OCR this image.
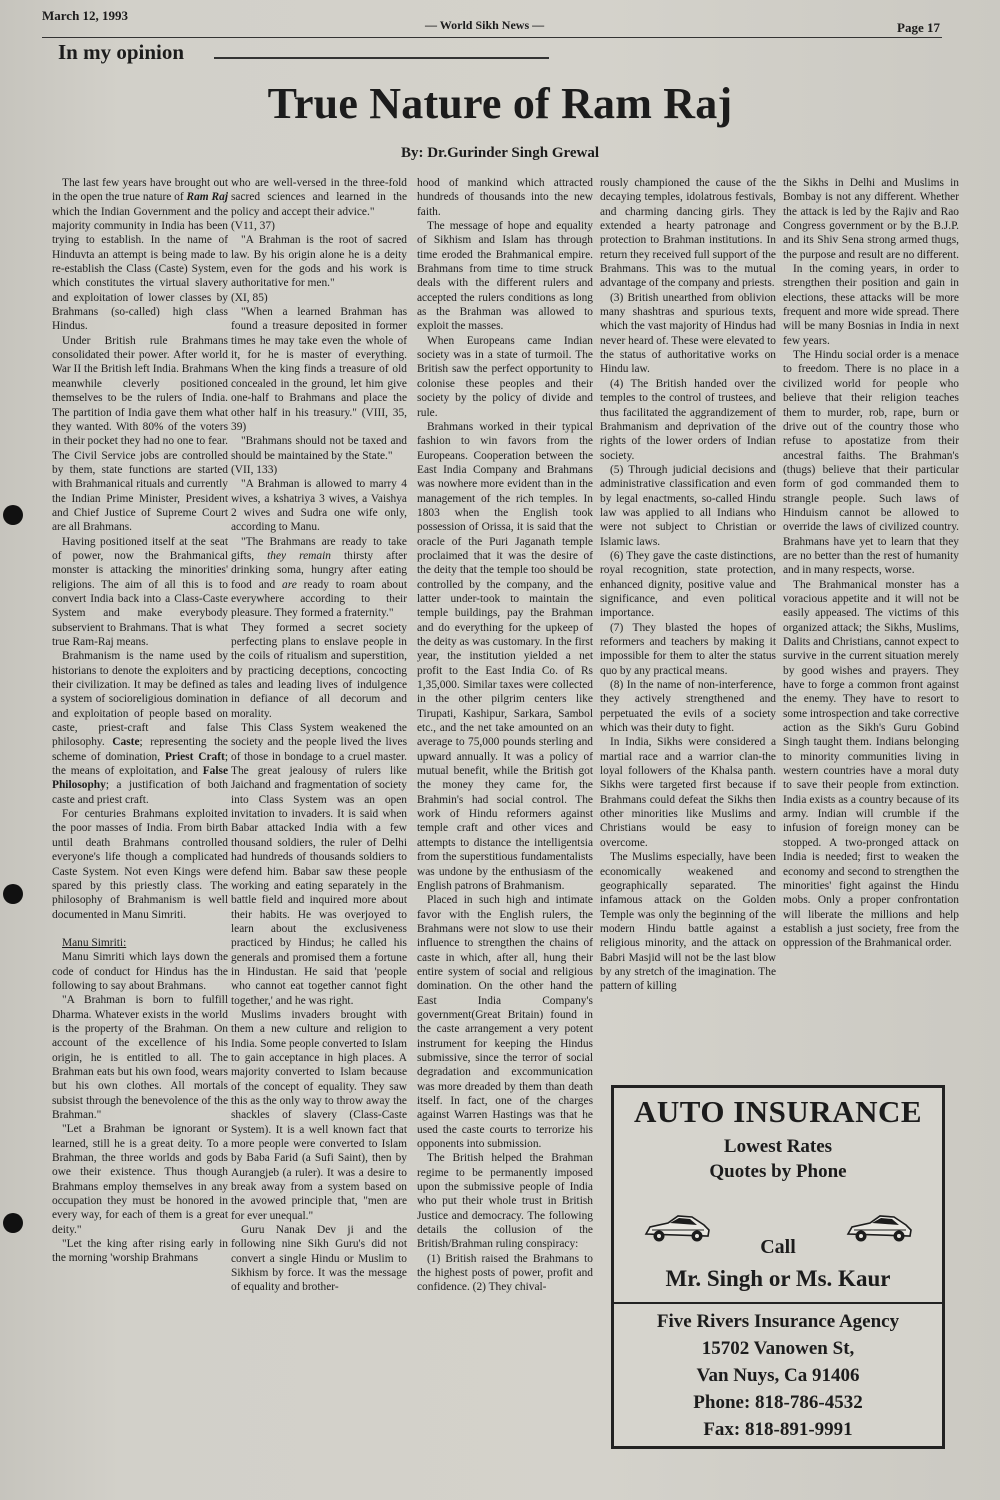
March 12, 1993
— World Sikh News —	Page 17
In my opinion
True Nature of Ram Raj
By: Dr.Gurinder Singh Grewal

The last few years have brought out in the open the true nature of Ram Raj which the Indian Government and the majority community in India has been trying to establish. In the name of Hinduvta an attempt is being made to re-establish the Class (Caste) System, which constitutes the virtual slavery and exploitation of lower classes by Brahmans (so-called) high class Hindus.

Under British rule Brahmans consolidated their power. After world War II the British left India. Brahmans meanwhile cleverly positioned themselves to be the rulers of India. The partition of India gave them what they wanted. With 80% of the voters in their pocket they had no one to fear. The Civil Service jobs are controlled by them, state functions are started with Brahmanical rituals and currently the Indian Prime Minister, President and Chief Justice of Supreme Court are all Brahmans.

Having positioned itself at the seat of power, now the Brahmanical monster is attacking the minorities' religions. The aim of all this is to convert India back into a Class-Caste System and make everybody subservient to Brahmans. That is what true Ram-Raj means.

Brahmanism is the name used by historians to denote the exploiters and their civilization. It may be defined as a system of socioreligious domination and exploitation of people based on caste, priest-craft and false philosophy. Caste; representing the scheme of domination, Priest Craft; the means of exploitation, and False Philosophy; a justification of both caste and priest craft.

For centuries Brahmans exploited the poor masses of India. From birth until death Brahmans controlled everyone's life though a complicated Caste System. Not even Kings were spared by this priestly class. The philosophy of Brahmanism is well documented in Manu Simriti.

Manu Simriti:

Manu Simriti which lays down the code of conduct for Hindus has the following to say about Brahmans.

"A Brahman is born to fulfill Dharma. Whatever exists in the world is the property of the Brahman. On account of the excellence of his origin, he is entitled to all. The Brahman eats but his own food, wears but his own clothes. All mortals subsist through the benevolence of the Brahman."

"Let a Brahman be ignorant or learned, still he is a great deity. To a Brahman, the three worlds and gods owe their existence. Thus though Brahmans employ themselves in any occupation they must be honored in every way, for each of them is a great deity."

"Let the king after rising early in the morning 'worship Brahmans

who are well-versed in the three-fold sacred sciences and learned in the policy and accept their advice."

(V11, 37)

"A Brahman is the root of sacred law. By his origin alone he is a deity even for the gods and his work is authoritative for men."

(XI, 85)

"When a learned Brahman has found a treasure deposited in former times he may take even the whole of it, for he is master of everything. When the king finds a treasure of old concealed in the ground, let him give one-half to Brahmans and place the other half in his treasury." (VIII, 35, 39)

"Brahmans should not be taxed and should be maintained by the State."

(VII, 133)

"A Brahman is allowed to marry 4 wives, a kshatriya 3 wives, a Vaishya 2 wives and Sudra one wife only, according to Manu.

"The Brahmans are ready to take gifts, they remain thirsty after drinking soma, hungry after eating food and are ready to roam about everywhere according to their pleasure. They formed a fraternity."

They formed a secret society perfecting plans to enslave people in the coils of ritualism and superstition, by practicing deceptions, concocting tales and leading lives of indulgence in defiance of all decorum and morality.

This Class System weakened the society and the people lived the lives of those in bondage to a cruel master. The great jealousy of rulers like Jaichand and fragmentation of society into Class System was an open invitation to invaders. It is said when Babar attacked India with a few thousand soldiers, the ruler of Delhi had hundreds of thousands soldiers to defend him. Babar saw these people working and eating separately in the battle field and inquired more about their habits. He was overjoyed to learn about the exclusiveness practiced by Hindus; he called his generals and promised them a fortune in Hindustan. He said that 'people who cannot eat together cannot fight together,' and he was right.

Muslims invaders brought with them a new culture and religion to India. Some people converted to Islam to gain acceptance in high places. A majority converted to Islam because of the concept of equality. They saw this as the only way to throw away the shackles of slavery (Class-Caste System). It is a well known fact that more people were converted to Islam by Baba Farid (a Sufi Saint), then by Aurangjeb (a ruler). It was a desire to break away from a system based on the avowed principle that, "men are for ever unequal."

Guru Nanak Dev ji and the following nine Sikh Guru's did not convert a single Hindu or Muslim to Sikhism by force. It was the message of equality and brother-

hood of mankind which attracted hundreds of thousands into the new faith.

The message of hope and equality of Sikhism and Islam has through time eroded the Brahmanical empire. Brahmans from time to time struck deals with the different rulers and accepted the rulers conditions as long as the Brahman was allowed to exploit the masses.

When Europeans came Indian society was in a state of turmoil. The British saw the perfect opportunity to colonise these peoples and their society by the policy of divide and rule.

Brahmans worked in their typical fashion to win favors from the Europeans. Cooperation between the East India Company and Brahmans was nowhere more evident than in the management of the rich temples. In 1803 when the English took possession of Orissa, it is said that the oracle of the Puri Jaganath temple proclaimed that it was the desire of the deity that the temple too should be controlled by the company, and the latter under-took to maintain the temple buildings, pay the Brahman and do everything for the upkeep of the deity as was customary. In the first year, the institution yielded a net profit to the East India Co. of Rs 1,35,000. Similar taxes were collected in the other pilgrim centers like Tirupati, Kashipur, Sarkara, Sambol etc., and the net take amounted on an average to 75,000 pounds sterling and upward annually. It was a policy of mutual benefit, while the British got the money they came for, the Brahmin's had social control. The work of Hindu reformers against temple craft and other vices and attempts to distance the intelligentsia from the superstitious fundamentalists was undone by the enthusiasm of the English patrons of Brahmanism.

Placed in such high and intimate favor with the English rulers, the Brahmans were not slow to use their influence to strengthen the chains of caste in which, after all, hung their entire system of social and religious domination. On the other hand the East India Company's government(Great Britain) found in the caste arrangement a very potent instrument for keeping the Hindus submissive, since the terror of social degradation and excommunication was more dreaded by them than death itself. In fact, one of the charges against Warren Hastings was that he used the caste courts to terrorize his opponents into submission.

The British helped the Brahman regime to be permanently imposed upon the submissive people of India who put their whole trust in British Justice and democracy. The following details the collusion of the British/Brahman ruling conspiracy:

(1) British raised the Brahmans to the highest posts of power, profit and confidence. (2) They chival-

rously championed the cause of the decaying temples, idolatrous festivals, and charming dancing girls. They extended a hearty patronage and protection to Brahman institutions. In return they received full support of the Brahmans. This was to the mutual advantage of the company and priests.

(3) British unearthed from oblivion many shashtras and spurious texts, which the vast majority of Hindus had never heard of. These were elevated to the status of authoritative works on Hindu law.

(4) The British handed over the temples to the control of trustees, and thus facilitated the aggrandizement of Brahmanism and deprivation of the rights of the lower orders of Indian society.

(5) Through judicial decisions and administrative classification and even by legal enactments, so-called Hindu law was applied to all Indians who were not subject to Christian or Islamic laws.

(6) They gave the caste distinctions, royal recognition, state protection, enhanced dignity, positive value and significance, and even political importance.

(7) They blasted the hopes of reformers and teachers by making it impossible for them to alter the status quo by any practical means.

(8) In the name of non-interference, they actively strengthened and perpetuated the evils of a society which was their duty to fight.

In India, Sikhs were considered a martial race and a warrior clan-the loyal followers of the Khalsa panth. Sikhs were targeted first because if Brahmans could defeat the Sikhs then other minorities like Muslims and Christians would be easy to overcome.

The Muslims especially, have been economically weakened and geographically separated. The infamous attack on the Golden Temple was only the beginning of the modern Hindu battle against a religious minority, and the attack on Babri Masjid will not be the last blow by any stretch of the imagination. The pattern of killing

the Sikhs in Delhi and Muslims in Bombay is not any different. Whether the attack is led by the Rajiv and Rao Congress government or by the B.J.P. and its Shiv Sena strong armed thugs, the purpose and result are no different.

In the coming years, in order to strengthen their position and gain in elections, these attacks will be more frequent and more wide spread. There will be many Bosnias in India in next few years.

The Hindu social order is a menace to freedom. There is no place in a civilized world for people who believe that their religion teaches them to murder, rob, rape, burn or drive out of the country those who refuse to apostatize from their ancestral faiths. The Brahman's (thugs) believe that their particular form of god commanded them to strangle people. Such laws of Hinduism cannot be allowed to override the laws of civilized country. Brahmans have yet to learn that they are no better than the rest of humanity and in many respects, worse.

The Brahmanical monster has a voracious appetite and it will not be easily appeased. The victims of this organized attack; the Sikhs, Muslims, Dalits and Christians, cannot expect to survive in the current situation merely by good wishes and prayers. They have to forge a common front against the enemy. They have to resort to some introspection and take corrective action as the Sikh's Guru Gobind Singh taught them. Indians belonging to minority communities living in western countries have a moral duty to save their people from extinction. India exists as a country because of its army. Indian will crumble if the infusion of foreign money can be stopped. A two-pronged attack on India is needed; first to weaken the economy and second to strengthen the minorities' fight against the Hindu mobs. Only a proper confrontation will liberate the millions and help establish a just society, free from the oppression of the Brahmanical order.

AUTO INSURANCE
Lowest Rates
Quotes by Phone
Call
Mr. Singh or Ms. Kaur
Five Rivers Insurance Agency
15702 Vanowen St,
Van Nuys, Ca 91406
Phone: 818-786-4532
Fax: 818-891-9991
